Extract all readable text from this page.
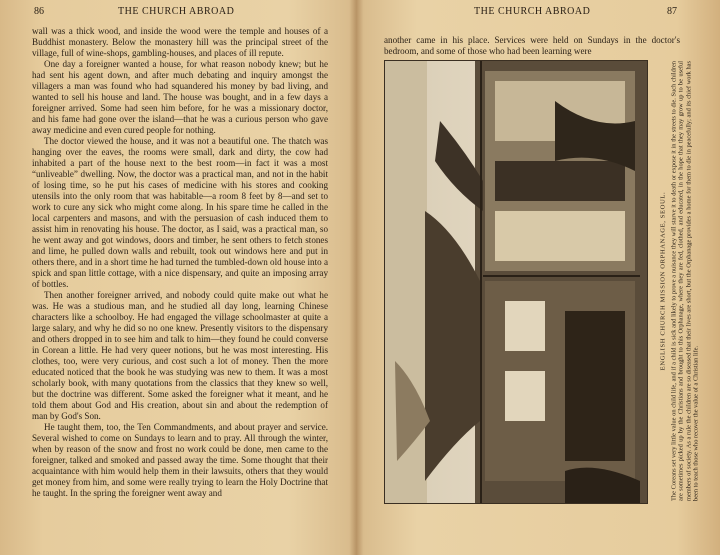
86	THE CHURCH ABROAD

wall was a thick wood, and inside the wood were the temple and houses of a Buddhist monastery. Below the monastery hill was the principal street of the village, full of wine-shops, gambling-houses, and places of ill repute.

One day a foreigner wanted a house, for what reason nobody knew; but he had sent his agent down, and after much debating and inquiry amongst the villagers a man was found who had squandered his money by bad living, and wanted to sell his house and land. The house was bought, and in a few days a foreigner arrived. Some had seen him before, for he was a missionary doctor, and his fame had gone over the island—that he was a curious person who gave away medicine and even cured people for nothing.

The doctor viewed the house, and it was not a beautiful one. The thatch was hanging over the eaves, the rooms were small, dark and dirty, the cow had inhabited a part of the house next to the best room—in fact it was a most “unliveable” dwelling. Now, the doctor was a practical man, and not in the habit of losing time, so he put his cases of medicine with his stores and cooking utensils into the only room that was habitable—a room 8 feet by 8—and set to work to cure any sick who might come along. In his spare time he called in the local carpenters and masons, and with the persuasion of cash induced them to assist him in renovating his house. The doctor, as I said, was a practical man, so he went away and got windows, doors and timber, he sent others to fetch stones and lime, he pulled down walls and rebuilt, took out windows here and put in others there, and in a short time he had turned the tumbled-down old house into a spick and span little cottage, with a nice dispensary, and quite an imposing array of bottles.

Then another foreigner arrived, and nobody could quite make out what he was. He was a studious man, and he studied all day long, learning Chinese characters like a schoolboy. He had engaged the village schoolmaster at quite a large salary, and why he did so no one knew. Presently visitors to the dispensary and others dropped in to see him and talk to him—they found he could converse in Corean a little. He had very queer notions, but he was most interesting. His clothes, too, were very curious, and cost such a lot of money. Then the more educated noticed that the book he was studying was new to them. It was a most scholarly book, with many quotations from the classics that they knew so well, but the doctrine was different. Some asked the foreigner what it meant, and he told them about God and His creation, about sin and about the redemption of man by God's Son.

He taught them, too, the Ten Commandments, and about prayer and service. Several wished to come on Sundays to learn and to pray. All through the winter, when by reason of the snow and frost no work could be done, men came to the foreigner, talked and smoked and passed away the time. Some thought that their acquaintance with him would help them in their lawsuits, others that they would get money from him, and some were really trying to learn the Holy Doctrine that he taught. In the spring the foreigner went away and

THE CHURCH ABROAD	87

another came in his place. Services were held on Sundays in the doctor's bedroom, and some of those who had been learning were

ENGLISH CHURCH MISSION ORPHANAGE, SEOUL. The Coreans set very little value on child life, and if a child is sick and likely to prove a nuisance they will starve it to death or expose it in the streets to die. Such children are sometimes picked up by the Christians and brought to this Orphanage, where they are fed, clothed, and educated, in the hope that they may grow up to be useful members of society. As a rule the children are so diseased that their lives are short, but the Orphanage provides a home for them to die in peacefully; and its chief work has been to teach those who recover the value of a Christian life.
